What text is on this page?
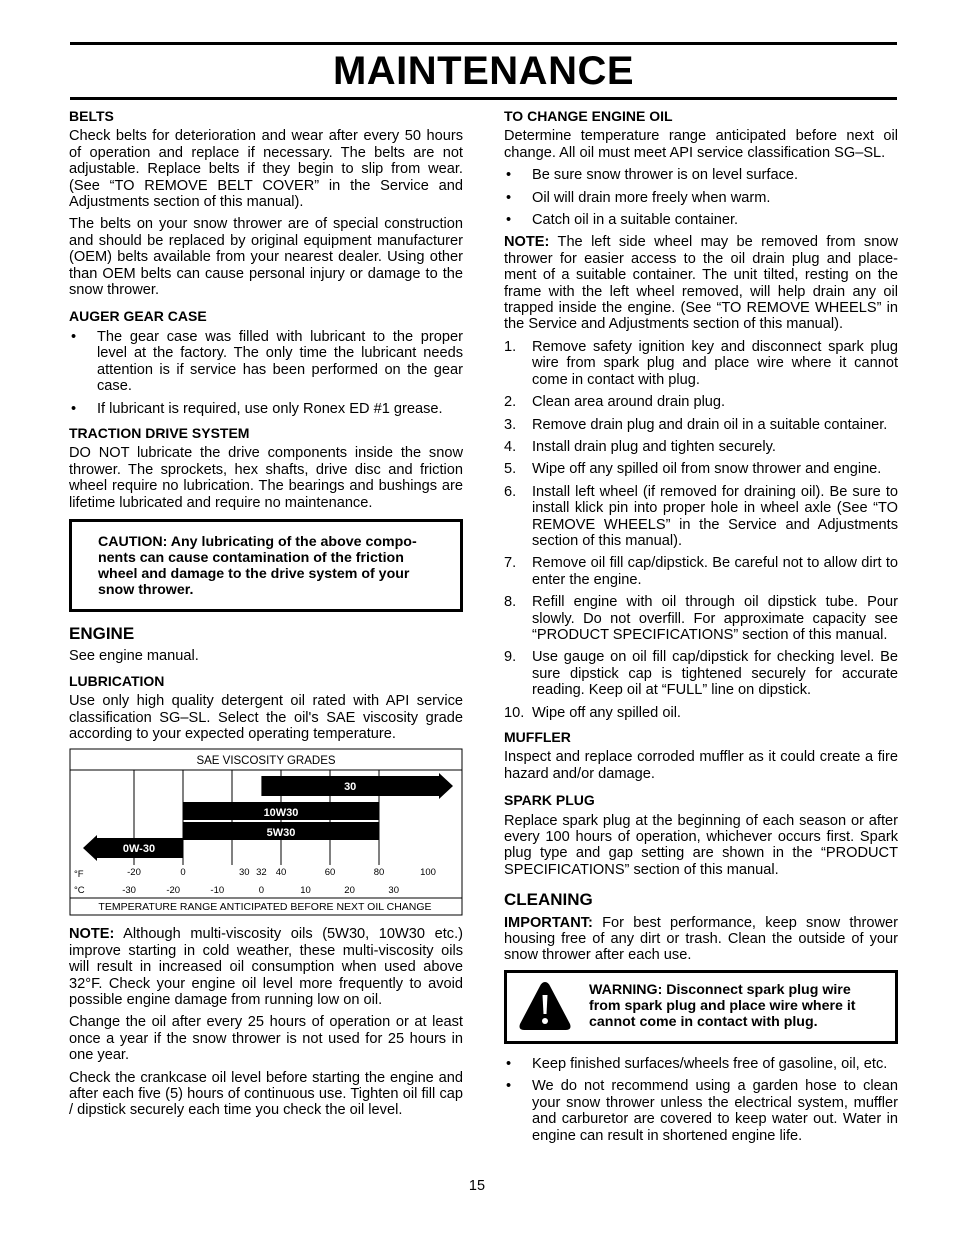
MAINTENANCE
BELTS

Check belts for deterioration and wear after every 50 hours of operation and replace if necessary. The belts are not adjustable. Replace belts if they begin to slip from wear. (See “TO REMOVE BELT COVER” in the Service and Adjustments section of this manual).

The belts on your snow thrower are of special construction and should be replaced by original equipment manufacturer (OEM) belts available from your nearest dealer. Using other than OEM belts can cause personal injury or damage to the snow thrower.

AUGER GEAR CASE
• The gear case was filled with lubricant to the proper level at the factory. The only time the lubricant needs attention is if service has been performed on the gear case.
• If lubricant is required, use only Ronex ED #1 grease.
TRACTION DRIVE SYSTEM

DO NOT lubricate the drive components inside the snow thrower. The sprockets, hex shafts, drive disc and friction wheel require no lubrication. The bearings and bushings are lifetime lubricated and require no maintenance.

CAUTION: Any lubricating of the above compo-nents can cause contamination of the friction wheel and damage to the drive system of your snow thrower.
ENGINE

See engine manual.

LUBRICATION

Use only high quality detergent oil rated with API service classification SG–SL. Select the oil's SAE viscosity grade according to your expected operating temperature.

SAE VISCOSITY GRADES
30
10W30
5W30
0W-30
°F
°C
-20	0	30 32 40	60	80	100
-30	-20	-10	0	10	20	30
TEMPERATURE RANGE ANTICIPATED BEFORE NEXT OIL CHANGE

NOTE: Although multi-viscosity oils (5W30, 10W30 etc.) improve starting in cold weather, these multi-viscosity oils will result in increased oil consumption when used above 32°F. Check your engine oil level more frequently to avoid possible engine damage from running low on oil.

Change the oil after every 25 hours of operation or at least once a year if the snow thrower is not used for 25 hours in one year.

Check the crankcase oil level before starting the engine and after each five (5) hours of continuous use. Tighten oil fill cap / dipstick securely each time you check the oil level.

TO CHANGE ENGINE OIL

Determine temperature range anticipated before next oil change. All oil must meet API service classification SG–SL.

• Be sure snow thrower is on level surface.
• Oil will drain more freely when warm.
• Catch oil in a suitable container.

NOTE: The left side wheel may be removed from snow thrower for easier access to the oil drain plug and place-ment of a suitable container. The unit tilted, resting on the frame with the left wheel removed, will help drain any oil trapped inside the engine. (See “TO REMOVE WHEELS” in the Service and Adjustments section of this manual).

1. Remove safety ignition key and disconnect spark plug wire from spark plug and place wire where it cannot come in contact with plug.
2. Clean area around drain plug.
3. Remove drain plug and drain oil in a suitable container.
4. Install drain plug and tighten securely.
5. Wipe off any spilled oil from snow thrower and engine.
6. Install left wheel (if removed for draining oil). Be sure to install klick pin into proper hole in wheel axle (See “TO REMOVE WHEELS” in the Service and Adjustments section of this manual).
7. Remove oil fill cap/dipstick. Be careful not to allow dirt to enter the engine.
8. Refill engine with oil through oil dipstick tube. Pour slowly. Do not overfill. For approximate capacity see “PRODUCT SPECIFICATIONS” section of this manual.
9. Use gauge on oil fill cap/dipstick for checking level. Be sure dipstick cap is tightened securely for accurate reading. Keep oil at “FULL” line on dipstick.
10. Wipe off any spilled oil.
MUFFLER

Inspect and replace corroded muffler as it could create a fire hazard and/or damage.

SPARK PLUG

Replace spark plug at the beginning of each season or after every 100 hours of operation, whichever occurs first. Spark plug type and gap setting are shown in the “PRODUCT SPECIFICATIONS” section of this manual.

CLEANING

IMPORTANT: For best performance, keep snow thrower housing free of any dirt or trash. Clean the outside of your snow thrower after each use.

WARNING: Disconnect spark plug wire from spark plug and place wire where it cannot come in contact with plug.
• Keep finished surfaces/wheels free of gasoline, oil, etc.
• We do not recommend using a garden hose to clean your snow thrower unless the electrical system, muffler and carburetor are covered to keep water out. Water in engine can result in shortened engine life.
15
